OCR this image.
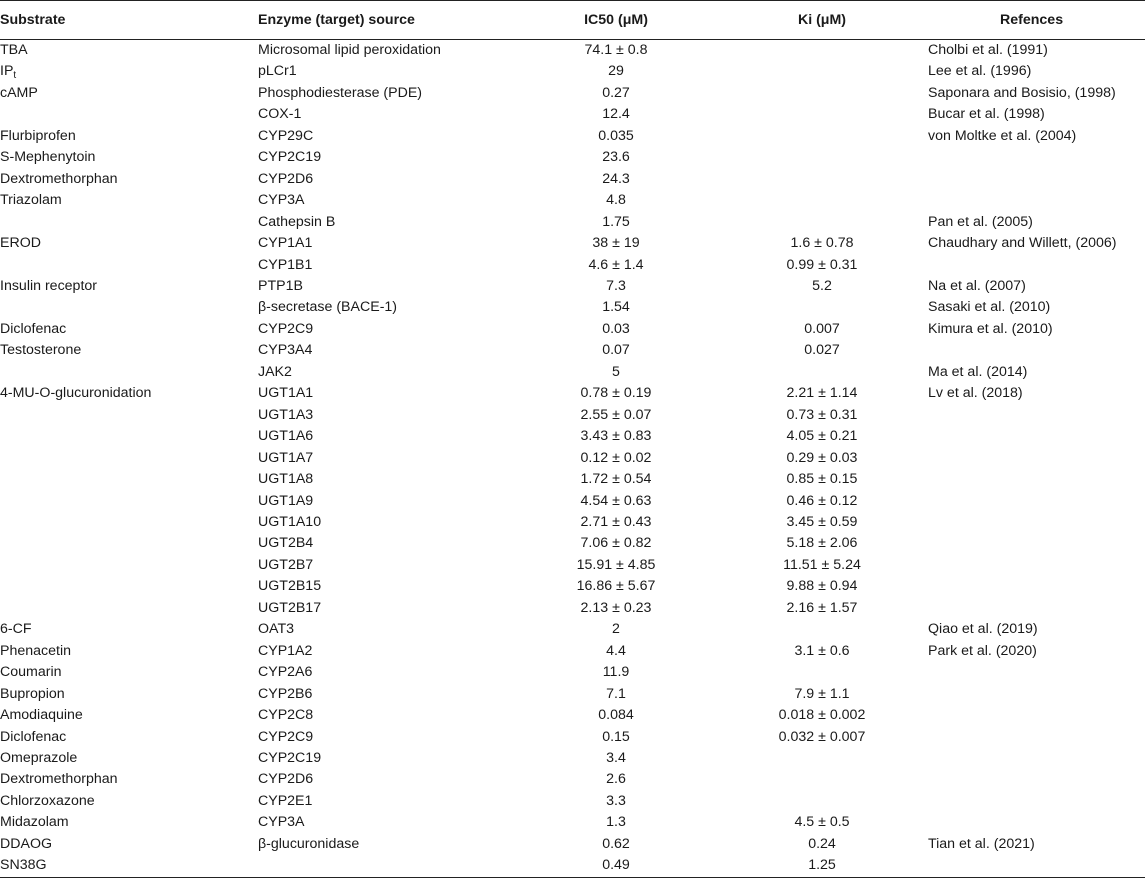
Substrate	Enzyme (target) source	IC50 (μM)	Ki (μM)	Refences
TBA	Microsomal lipid peroxidation	74.1 ± 0.8		Cholbi et al. (1991)
$IP_t$	pLCr1	29		Lee et al. (1996)
cAMP	Phosphodiesterase (PDE)	0.27		Saponara and Bosisio, (1998)
	COX-1	12.4		Bucar et al. (1998)
Flurbiprofen	CYP29C	0.035		von Moltke et al. (2004)
S-Mephenytoin	CYP2C19	23.6		
Dextromethorphan	CYP2D6	24.3		
Triazolam	CYP3A	4.8		
	Cathepsin B	1.75		Pan et al. (2005)
EROD	CYP1A1	38 ± 19	1.6 ± 0.78	Chaudhary and Willett, (2006)
	CYP1B1	4.6 ± 1.4	0.99 ± 0.31	
Insulin receptor	PTP1B	7.3	5.2	Na et al. (2007)
	β-secretase (BACE-1)	1.54		Sasaki et al. (2010)
Diclofenac	CYP2C9	0.03	0.007	Kimura et al. (2010)
Testosterone	CYP3A4	0.07	0.027	
	JAK2	5		Ma et al. (2014)
4-MU-O-glucuronidation	UGT1A1	0.78 ± 0.19	2.21 ± 1.14	Lv et al. (2018)
	UGT1A3	2.55 ± 0.07	0.73 ± 0.31	
	UGT1A6	3.43 ± 0.83	4.05 ± 0.21	
	UGT1A7	0.12 ± 0.02	0.29 ± 0.03	
	UGT1A8	1.72 ± 0.54	0.85 ± 0.15	
	UGT1A9	4.54 ± 0.63	0.46 ± 0.12	
	UGT1A10	2.71 ± 0.43	3.45 ± 0.59	
	UGT2B4	7.06 ± 0.82	5.18 ± 2.06	
	UGT2B7	15.91 ± 4.85	11.51 ± 5.24	
	UGT2B15	16.86 ± 5.67	9.88 ± 0.94	
	UGT2B17	2.13 ± 0.23	2.16 ± 1.57	
6-CF	OAT3	2		Qiao et al. (2019)
Phenacetin	CYP1A2	4.4	3.1 ± 0.6	Park et al. (2020)
Coumarin	CYP2A6	11.9		
Bupropion	CYP2B6	7.1	7.9 ± 1.1	
Amodiaquine	CYP2C8	0.084	0.018 ± 0.002	
Diclofenac	CYP2C9	0.15	0.032 ± 0.007	
Omeprazole	CYP2C19	3.4		
Dextromethorphan	CYP2D6	2.6		
Chlorzoxazone	CYP2E1	3.3		
Midazolam	CYP3A	1.3	4.5 ± 0.5	
DDAOG	β-glucuronidase	0.62	0.24	Tian et al. (2021)
SN38G		0.49	1.25	
